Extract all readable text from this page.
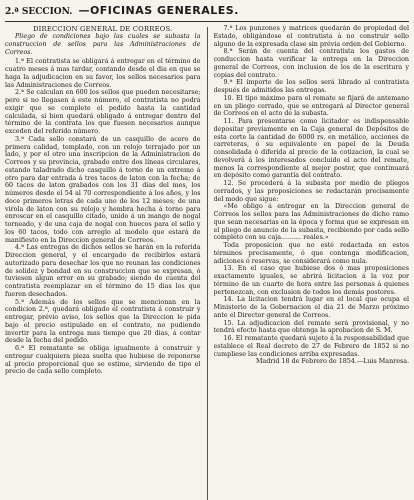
2.ª SECCION. —OFICINAS GENERALES.

DIRECCION GENERAL DE CORREOS.

Pliego de condiciones bajo las cuales se subasta la construccion de sellos para las Administraciones de Correos.

1.ª El contratista se obligará á entregar en el término de cuatro meses á mas tardar, contando desde el dia en que se haga la adjudicacion en su favor, los sellos necesarios para las Administraciones de Correos.

2.ª Se calculan en 600 los sellos que pueden necesitarse; pero si no llegasen á este número, el contratista no podrá exigir que se complete el pedido hasta la cantidad calculada, si bien quedará obligado á entregar dentro del término de la contrata los que fuesen necesarios aunque exceden del referido número.

3.ª Cada sello constará de un casquillo de acero de primera calidad, templado, con un relojo terrajado por un lado, y por el otro una inscripcion de la Administracion de Correos y su provincia, grabado entre dos líneas circulares, estando taladrado dicho casquillo á torno de un extremo á otro para dar entrada á tres tacos de laton con la fecha; de 60 tacos de laton grabados con los 31 dias del mes, los números desde el 54 al 70 correspondiente á los años, y los doce primeros letras de cada uno de los 12 meses; de una virola de laton con su relojo y hembra hecha á torno para enroscar en el casquillo citado, unido á un mango de nogal torneado, y de una caja de nogal con huecos para el sello y los 60 tacos, todo con arreglo al modelo que estará de manifiesto en la Direccion general de Correos.

4.ª Las entregas de dichos sellos se harán en la referida Direccion general, y el encargado de recibirlos estará autorizado para desechar los que no reunan las condiciones de solidez y bondad en su construccion que se expresan, ó tuviesen algun error en su grabado; siendo de cuenta del contratista reemplazar en el término de 15 dias los que fueren desechados.

5.ª Además de los sellos que se mencionan en la condicion 2.ª, quedará obligado el contratista á construir y entregar, prévio aviso, los sellos que la Direccion le pida bajo el precio estipulado en el contrato, no pudiendo invertir para la entrega mas tiempo que 20 dias, á contar desde la fecha del pedido.

6.ª El rematante se obliga igualmente á construir y entregar cualquiera pieza suelta que hubiese de reponerse al precio proporcional que se estime, sirviendo de tipo el precio de cada sello completo.

7.ª Los punzones y matrices quedarán de propiedad del Estado, obligándose el contratista á no construir sello alguno de la expresada clase sin prévia orden del Gobierno.

8.ª Serán de cuenta del contratista los gastos de conduccion hasta verificar la entrega en la Direccion general de Correos, con inclusion de los de la escritura y copias del contrato.

9.ª El importe de los sellos será librado al contratista después de admitidos las entregas.

10. El tipo máximo para el remate se fijará de antemano en un pliego cerrado, que se entregará al Director general de Correos en el acto de la subasta.

11. Para presentarse como licitador es indispensable depositar previamente en la Caja general de Depósitos de esta corte la cantidad de 6000 rs. en metálico, acciones de carreteras, ó su equivalente en papel de la Deuda consolidada ó diferida al precio de la cotizacion, la cual se devolverá á los interesados concluido el acto del remate, menos la correspondiente al mejor postor, que continuará en depósito como garantía del contrato.

12. Se procederá á la subasta por medio de pliegos cerrados, y las proposiciones se redactarán precisamente del modo que sigue:

«Me obligo á entregar en la Direccion general de Correos los sellos para las Administraciones de dicho ramo que sean necesarias en la época y forma que se expresan en el pliego de anuncio de la subasta, recibiendo por cada sello completo con su caja.......... reales.»

Toda proposicion que no esté redactada en estos términos precisamente, ó que contenga modificacion, adiciones ó reservas, se considerará como nula.

13. En el caso que hubiese dos ó mas proposiciones exactamente iguales, se abrirá licitacion á la voz por término de un cuarto de hora entre las personas á quienes pertenezcan, con exclusion de todos los demás postores.

14. La licitacion tendrá lugar en el local que ocupa el Ministerio de la Gobernacion el dia 21 de Marzo próximo ante el Director general de Correos.

15. La adjudicacion del remate será provisional, y no tendrá efecto hasta que obtenga la aprobacion de S. M.

16. El rematante quedará sujeto á la responsabilidad que establece el Real decreto de 27 de Febrero de 1852 si no cumpliese las condiciones arriba expresadas.

Madrid 18 de Febrero de 1854.—Luis Manresa.
